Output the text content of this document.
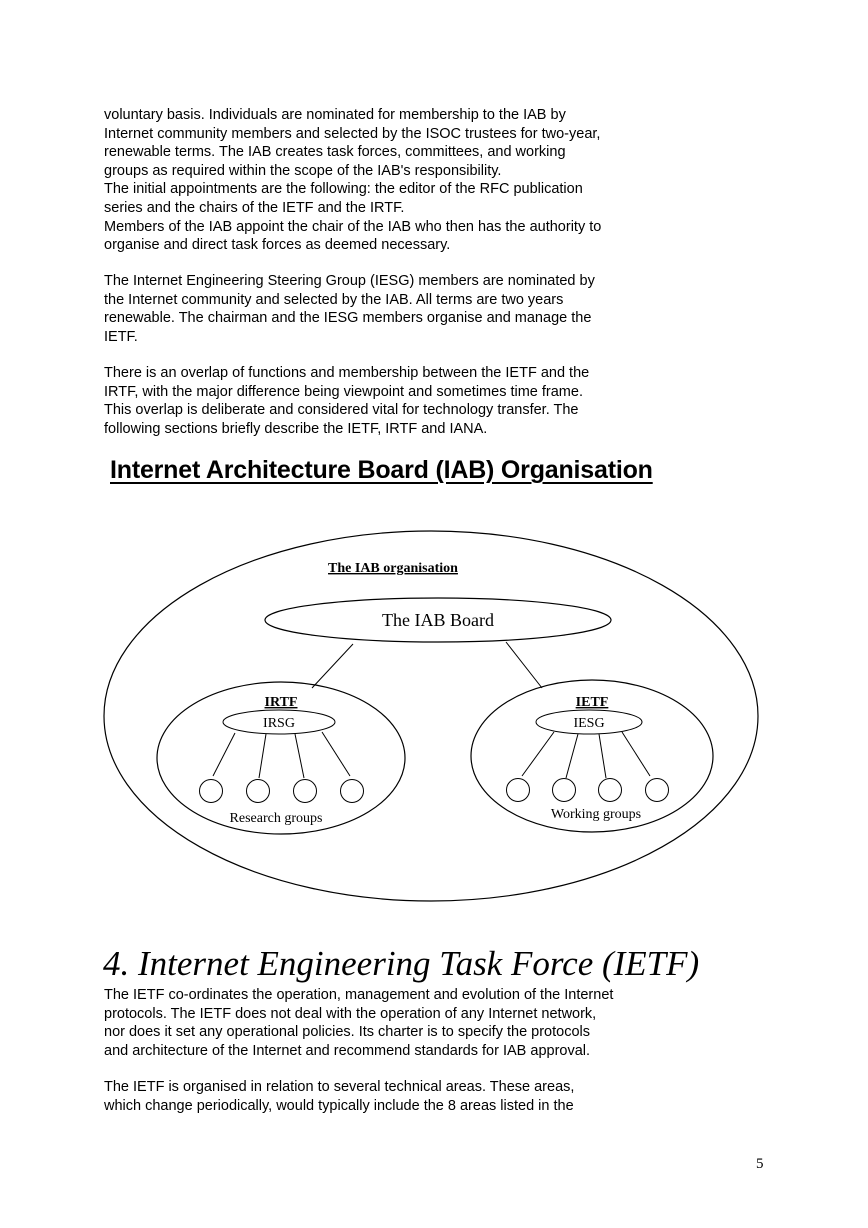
voluntary basis. Individuals are nominated for membership to the IAB by
Internet community members and selected by the ISOC trustees for two-year,
renewable terms. The IAB creates task forces, committees, and working
groups as required within the scope of the IAB's responsibility.
The initial appointments are the following: the editor of the RFC publication
series and the chairs of the IETF and the IRTF.
Members of the IAB appoint the chair of the IAB who then has the authority to
organise and direct task forces as deemed necessary.
The Internet Engineering Steering Group (IESG) members are nominated by
the Internet community and selected by the IAB. All terms are two years
renewable. The chairman and the IESG members organise and manage the
IETF.
There is an overlap of functions and membership between the IETF and the
IRTF, with the major difference being viewpoint and sometimes time frame.
This overlap is deliberate and considered vital for technology transfer. The
following sections briefly describe the IETF, IRTF and IANA.
Internet Architecture Board (IAB) Organisation
The IAB organisation
The IAB Board
IRTF
IRSG
Research groups
IETF
IESG
Working groups
4. Internet Engineering Task Force (IETF)
The IETF co-ordinates the operation, management and evolution of the Internet
protocols. The IETF does not deal with the operation of any Internet network,
nor does it set any operational policies. Its charter is to specify the protocols
and architecture of the Internet and recommend standards for IAB approval.
The IETF is organised in relation to several technical areas. These areas,
which change periodically, would typically include the 8 areas listed in the
5
